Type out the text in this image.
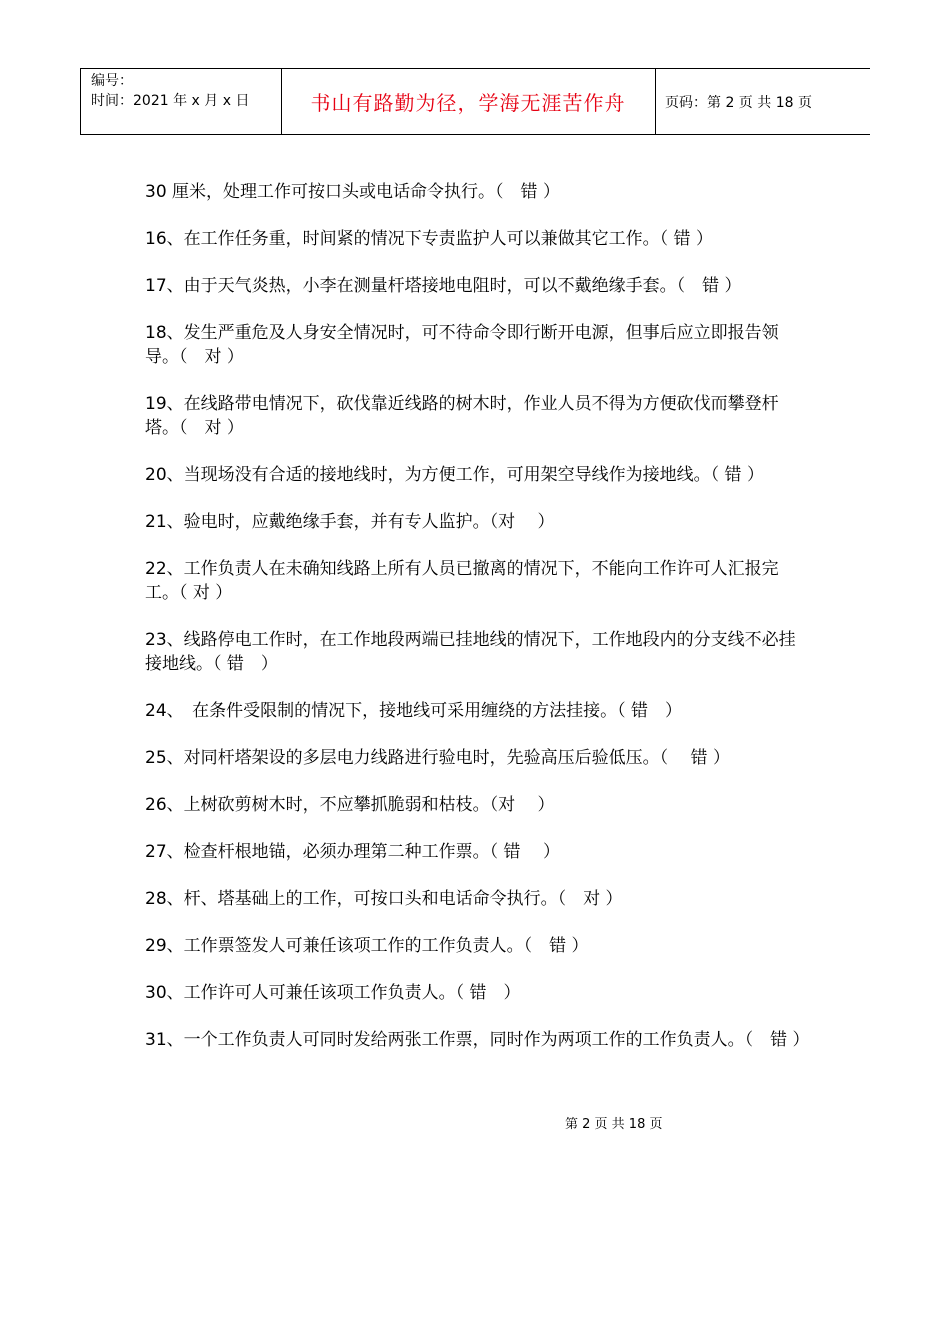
编号：
时间：2021 年 x 月 x 日	书山有路勤为径，学海无涯苦作舟	页码：第 2 页 共 18 页
30 厘米，处理工作可按口头或电话命令执行。（　错 ）
16、在工作任务重，时间紧的情况下专责监护人可以兼做其它工作。（ 错 ）
17、由于天气炎热，小李在测量杆塔接地电阻时，可以不戴绝缘手套。（　错 ）
18、发生严重危及人身安全情况时，可不待命令即行断开电源，但事后应立即报告领导。（　对 ）
19、在线路带电情况下，砍伐靠近线路的树木时，作业人员不得为方便砍伐而攀登杆塔。（　对 ）
20、当现场没有合适的接地线时，为方便工作，可用架空导线作为接地线。（ 错 ）
21、验电时，应戴绝缘手套，并有专人监护。（对　 ）
22、工作负责人在未确知线路上所有人员已撤离的情况下，不能向工作许可人汇报完工。（ 对 ）
23、线路停电工作时，在工作地段两端已挂地线的情况下，工作地段内的分支线不必挂接地线。（ 错　）
24、　在条件受限制的情况下，接地线可采用缠绕的方法挂接。（ 错　）
25、对同杆塔架设的多层电力线路进行验电时，先验高压后验低压。（　 错 ）
26、上树砍剪树木时，不应攀抓脆弱和枯枝。（对　 ）
27、检查杆根地锚，必须办理第二种工作票。（ 错　 ）
28、杆、塔基础上的工作，可按口头和电话命令执行。（　对 ）
29、工作票签发人可兼任该项工作的工作负责人。（　错 ）
30、工作许可人可兼任该项工作负责人。（ 错　）
31、一个工作负责人可同时发给两张工作票，同时作为两项工作的工作负责人。（　错 ）
第 2 页 共 18 页
